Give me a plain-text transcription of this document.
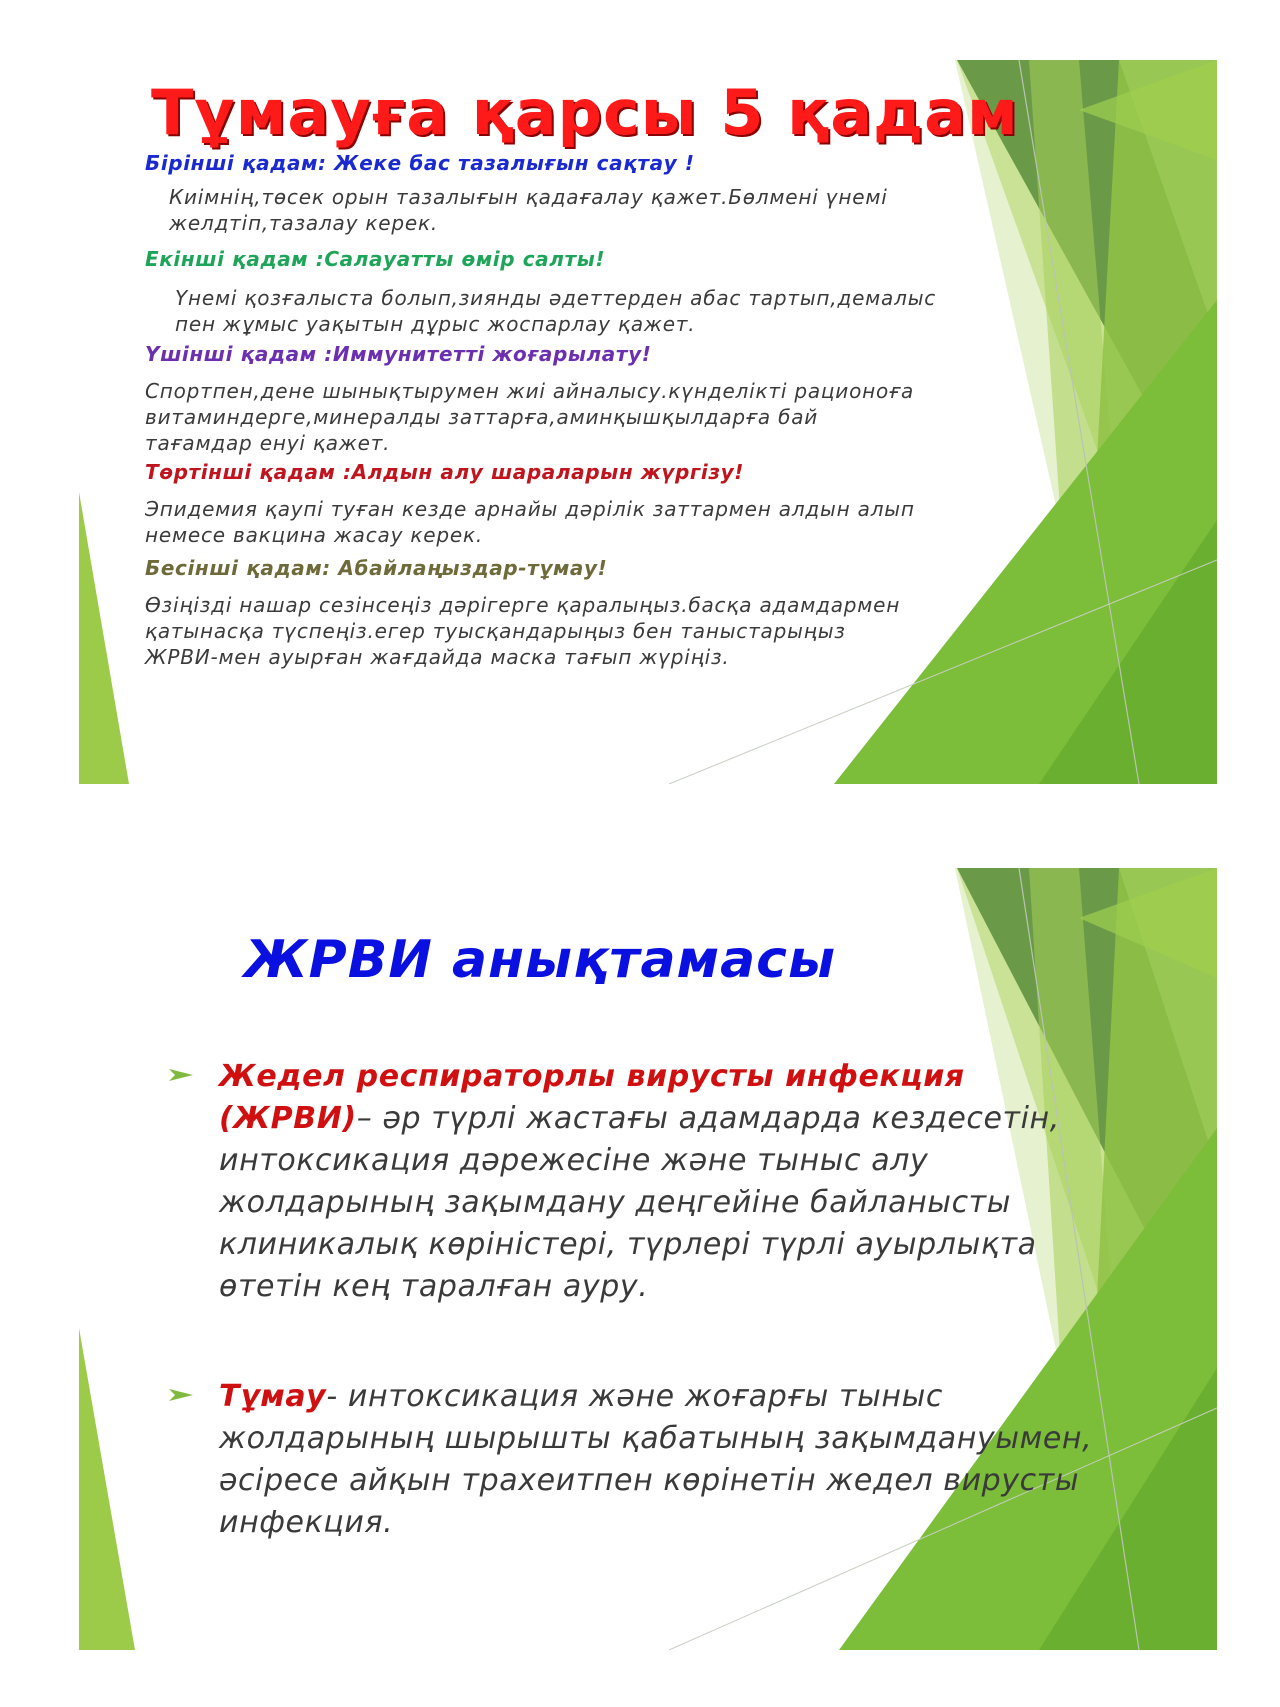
Тұмауға қарсы 5 қадам

Бірінші қадам: Жеке бас тазалығын сақтау !

Киімнің,төсек орын тазалығын қадағалау қажет.Бөлмені үнемі
желдтіп,тазалау керек.

Екінші қадам :Салауатты өмір салты!

Үнемі қозғалыста болып,зиянды әдеттерден абас тартып,демалыс
пен жұмыс уақытын дұрыс жоспарлау қажет.

Үшінші қадам :Иммунитетті жоғарылату!

Спортпен,дене шынықтырумен жиі айналысу.күнделікті рационоға
витаминдерге,минералды заттарға,аминқышқылдарға бай
тағамдар енуі қажет.

Төртінші қадам :Алдын алу шараларын жүргізу!

Эпидемия қаупі туған кезде арнайы дәрілік заттармен алдын алып
немесе вакцина жасау керек.

Бесінші қадам: Абайлаңыздар-тұмау!

Өзіңізді нашар сезінсеңіз дәрігерге қаралыңыз.басқа адамдармен
қатынасқа түспеңіз.егер туысқандарыңыз бен таныстарыңыз
ЖРВИ-мен ауырған жағдайда маска тағып жүріңіз.

ЖРВИ анықтамасы

Жедел респираторлы вирусты инфекция (ЖРВИ)– әр түрлі жастағы адамдарда кездесетін, интоксикация дәрежесіне және тыныс алу жолдарының зақымдану деңгейіне байланысты клиникалық көріністері, түрлері түрлі ауырлықта өтетін кең таралған ауру.

Тұмау- интоксикация және жоғарғы тыныс жолдарының шырышты қабатының зақымдануымен, әсіресе айқын трахеитпен көрінетін жедел вирусты инфекция.
